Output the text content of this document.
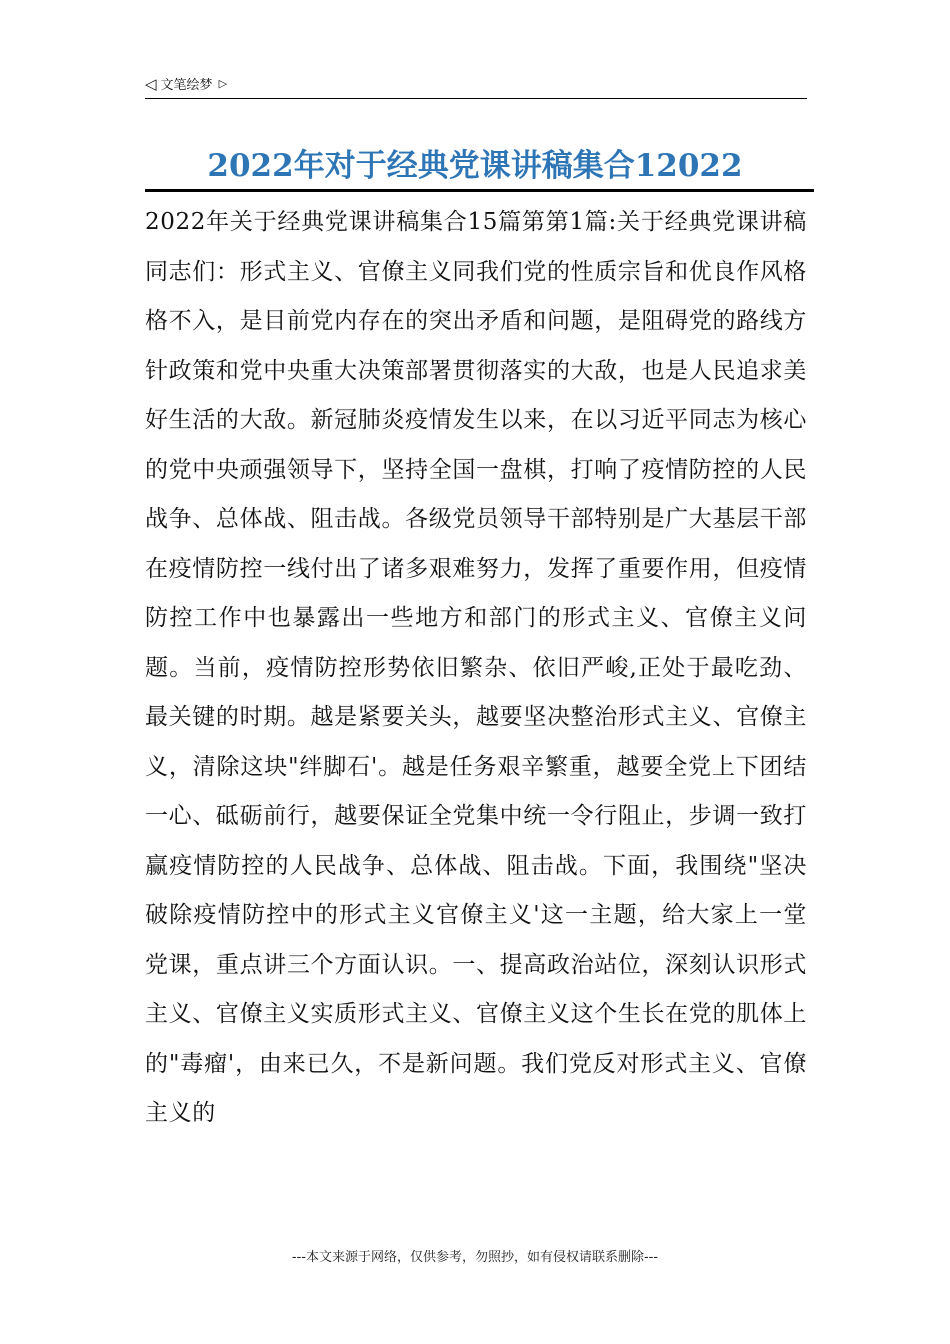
◁ 文笔绘梦 ▷
2022年对于经典党课讲稿集合12022

2022年关于经典党课讲稿集合15篇第第1篇:关于经典党课讲稿同志们：形式主义、官僚主义同我们党的性质宗旨和优良作风格格不入，是目前党内存在的突出矛盾和问题，是阻碍党的路线方针政策和党中央重大决策部署贯彻落实的大敌，也是人民追求美好生活的大敌。新冠肺炎疫情发生以来，在以习近平同志为核心的党中央顽强领导下，坚持全国一盘棋，打响了疫情防控的人民战争、总体战、阻击战。各级党员领导干部特别是广大基层干部在疫情防控一线付出了诸多艰难努力，发挥了重要作用，但疫情防控工作中也暴露出一些地方和部门的形式主义、官僚主义问题。当前，疫情防控形势依旧繁杂、依旧严峻,正处于最吃劲、最关键的时期。越是紧要关头，越要坚决整治形式主义、官僚主义，清除这块"绊脚石'。越是任务艰辛繁重，越要全党上下团结一心、砥砺前行，越要保证全党集中统一令行阻止，步调一致打赢疫情防控的人民战争、总体战、阻击战。下面，我围绕"坚决破除疫情防控中的形式主义官僚主义'这一主题，给大家上一堂党课，重点讲三个方面认识。一、提高政治站位，深刻认识形式主义、官僚主义实质形式主义、官僚主义这个生长在党的肌体上的"毒瘤'，由来已久，不是新问题。我们党反对形式主义、官僚主义的

---本文来源于网络，仅供参考，勿照抄，如有侵权请联系删除---
